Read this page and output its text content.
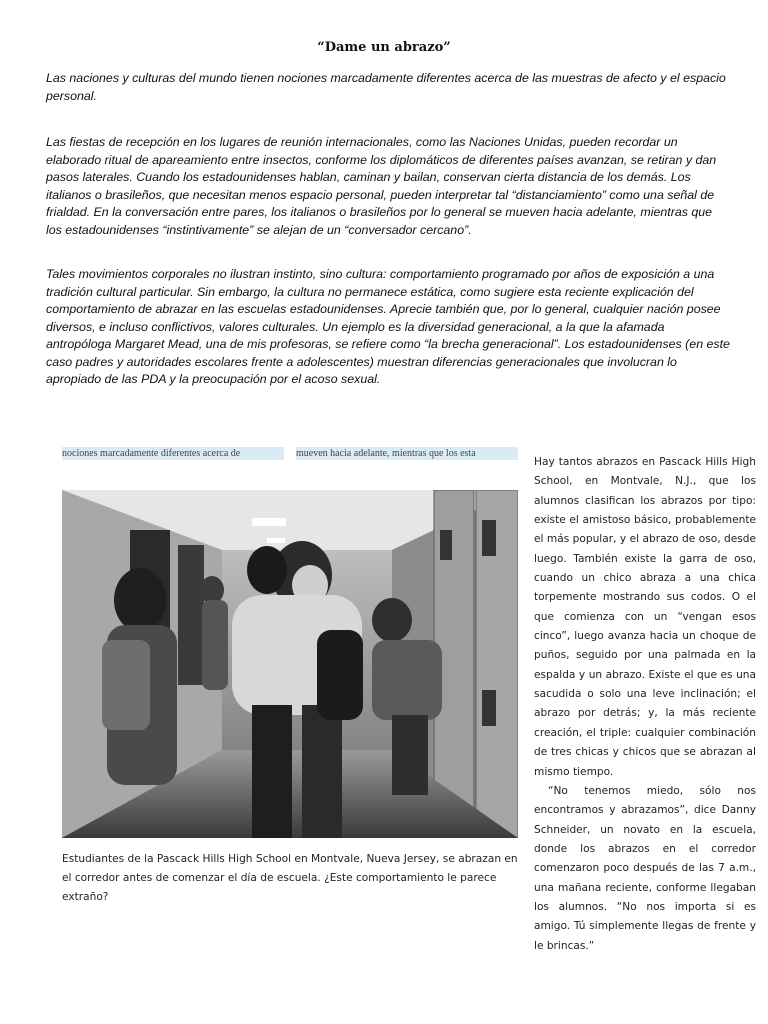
“Dame un abrazo”

Las naciones y culturas del mundo tienen nociones marcadamente diferentes acerca de las muestras de afecto y el espacio personal.

Las fiestas de recepción en los lugares de reunión internacionales, como las Naciones Unidas, pueden recordar un elaborado ritual de apareamiento entre insectos, conforme los diplomáticos de diferentes países avanzan, se retiran y dan pasos laterales. Cuando los estadounidenses hablan, caminan y bailan, conservan cierta distancia de los demás. Los italianos o brasileños, que necesitan menos espacio personal, pueden interpretar tal “distanciamiento” como una señal de frialdad. En la conversación entre pares, los italianos o brasileños por lo general se mueven hacia adelante, mientras que los estadounidenses “instintivamente” se alejan de un “conversador cercano”.

Tales movimientos corporales no ilustran instinto, sino cultura: comportamiento programado por años de exposición a una tradición cultural particular. Sin embargo, la cultura no permanece estática, como sugiere esta reciente explicación del comportamiento de abrazar en las escuelas estadounidenses. Aprecie también que, por lo general, cualquier nación posee diversos, e incluso conflictivos, valores culturales. Un ejemplo es la diversidad generacional, a la que la afamada antropóloga Margaret Mead, una de mis profesoras, se refiere como “la brecha generacional”. Los estadounidenses (en este caso padres y autoridades escolares frente a adolescentes) muestran diferencias generacionales que involucran lo apropiado de las PDA y la preocupación por el acoso sexual.

nociones marcadamente diferentes acerca de	mueven hacia adelante, mientras que los esta
Estudiantes de la Pascack Hills High School en Montvale, Nueva Jersey, se abrazan en el corredor antes de comenzar el día de escuela. ¿Este comportamiento le parece extraño?

Hay tantos abrazos en Pascack Hills High School, en Montvale, N.J., que los alumnos clasifican los abrazos por tipo: existe el amistoso básico, probablemente el más popular, y el abrazo de oso, desde luego. También existe la garra de oso, cuando un chico abraza a una chica torpemente mostrando sus codos. O el que comienza con un “vengan esos cinco”, luego avanza hacia un choque de puños, seguido por una palmada en la espalda y un abrazo. Existe el que es una sacudida o solo una leve inclinación; el abrazo por detrás; y, la más reciente creación, el triple: cualquier combinación de tres chicas y chicos que se abrazan al mismo tiempo.

“No tenemos miedo, sólo nos encontramos y abrazamos”, dice Danny Schneider, un novato en la escuela, donde los abrazos en el corredor comenzaron poco después de las 7 a.m., una mañana reciente, conforme llegaban los alumnos. “No nos importa si es amigo. Tú simplemente llegas de frente y le brincas.”
